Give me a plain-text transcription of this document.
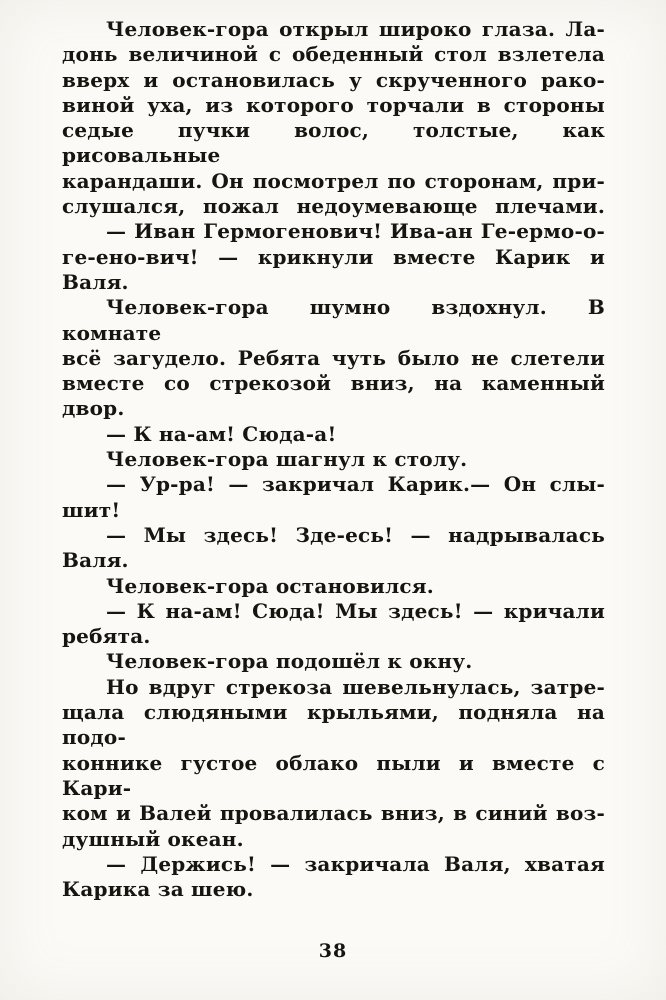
Человек-гора открыл широко глаза. Ла-
донь величиной с обеденный стол взлетела
вверх и остановилась у скрученного рако-
виной уха, из которого торчали в стороны
седые пучки волос, толстые, как рисовальные
карандаши. Он посмотрел по сторонам, при-
слушался, пожал недоумевающе плечами.
— Иван Гермогенович! Ива-ан Ге-ермо-о-
ге-ено-вич! — крикнули вместе Карик и Валя.
Человек-гора шумно вздохнул. В комнате
всё загудело. Ребята чуть было не слетели
вместе со стрекозой вниз, на каменный двор.
— К на-ам! Сюда-а!
Человек-гора шагнул к столу.
— Ур-ра! — закричал Карик.— Он слы-
шит!
— Мы здесь! Зде-есь! — надрывалась
Валя.
Человек-гора остановился.
— К на-ам! Сюда! Мы здесь! — кричали
ребята.
Человек-гора подошёл к окну.
Но вдруг стрекоза шевельнулась, затре-
щала слюдяными крыльями, подняла на подо-
коннике густое облако пыли и вместе с Кари-
ком и Валей провалилась вниз, в синий воз-
душный океан.
— Держись! — закричала Валя, хватая
Карика за шею.
38
